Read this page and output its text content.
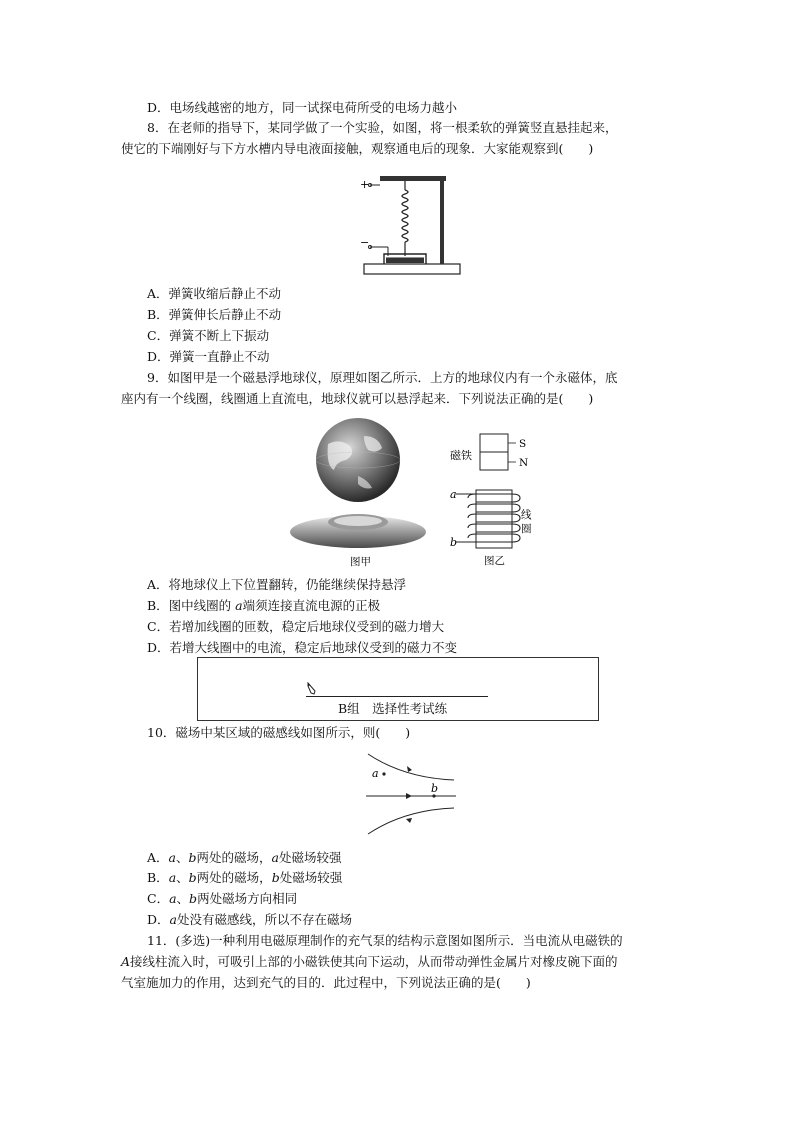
D．电场线越密的地方，同一试探电荷所受的电场力越小
8．在老师的指导下，某同学做了一个实验，如图，将一根柔软的弹簧竖直悬挂起来，
使它的下端刚好与下方水槽内导电液面接触，观察通电后的现象．大家能观察到(　　)
+
−
A．弹簧收缩后静止不动
B．弹簧伸长后静止不动
C．弹簧不断上下振动
D．弹簧一直静止不动
9．如图甲是一个磁悬浮地球仪，原理如图乙所示．上方的地球仪内有一个永磁体，底
座内有一个线圈，线圈通上直流电，地球仪就可以悬浮起来．下列说法正确的是(　　)
图甲
S
N
磁铁
a
b
线
圈
图乙
A．将地球仪上下位置翻转，仍能继续保持悬浮
B．图中线圈的 a端须连接直流电源的正极
C．若增加线圈的匝数，稳定后地球仪受到的磁力增大
D．若增大线圈中的电流，稳定后地球仪受到的磁力不变
B组　选择性考试练
10．磁场中某区域的磁感线如图所示，则(　　)
a
b
A．a、b两处的磁场，a处磁场较强
B．a、b两处的磁场，b处磁场较强
C．a、b两处磁场方向相同
D．a处没有磁感线，所以不存在磁场
11．(多选)一种利用电磁原理制作的充气泵的结构示意图如图所示．当电流从电磁铁的
A接线柱流入时，可吸引上部的小磁铁使其向下运动，从而带动弹性金属片对橡皮碗下面的
气室施加力的作用，达到充气的目的．此过程中，下列说法正确的是(　　)
